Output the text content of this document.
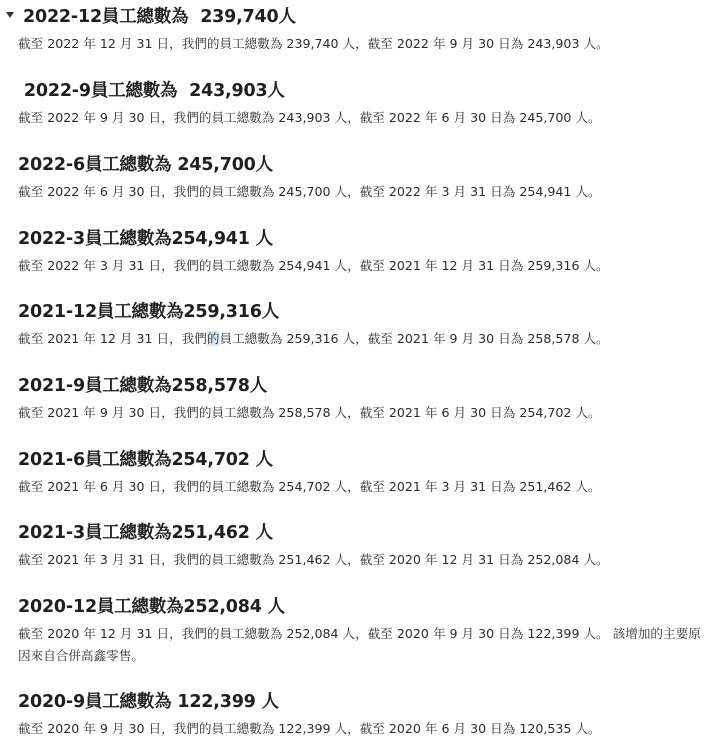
2022-12員工總數為  239,740人
截至 2022 年 12 月 31 日，我們的員工總數為 239,740 人，截至 2022 年 9 月 30 日為 243,903 人。
2022-9員工總數為  243,903人
截至 2022 年 9 月 30 日，我們的員工總數為 243,903 人，截至 2022 年 6 月 30 日為 245,700 人。
2022-6員工總數為 245,700人
截至 2022 年 6 月 30 日，我們的員工總數為 245,700 人，截至 2022 年 3 月 31 日為 254,941 人。
2022-3員工總數為254,941 人
截至 2022 年 3 月 31 日，我們的員工總數為 254,941 人，截至 2021 年 12 月 31 日為 259,316 人。
2021-12員工總數為259,316人
截至 2021 年 12 月 31 日，我們的員工總數為 259,316 人，截至 2021 年 9 月 30 日為 258,578 人。
2021-9員工總數為258,578人
截至 2021 年 9 月 30 日，我們的員工總數為 258,578 人，截至 2021 年 6 月 30 日為 254,702 人。
2021-6員工總數為254,702 人
截至 2021 年 6 月 30 日，我們的員工總數為 254,702 人，截至 2021 年 3 月 31 日為 251,462 人。
2021-3員工總數為251,462 人
截至 2021 年 3 月 31 日，我們的員工總數為 251,462 人，截至 2020 年 12 月 31 日為 252,084 人。
2020-12員工總數為252,084 人
截至 2020 年 12 月 31 日，我們的員工總數為 252,084 人，截至 2020 年 9 月 30 日為 122,399 人。 該增加的主要原因來自合併高鑫零售。
2020-9員工總數為 122,399 人
截至 2020 年 9 月 30 日，我們的員工總數為 122,399 人，截至 2020 年 6 月 30 日為 120,535 人。
